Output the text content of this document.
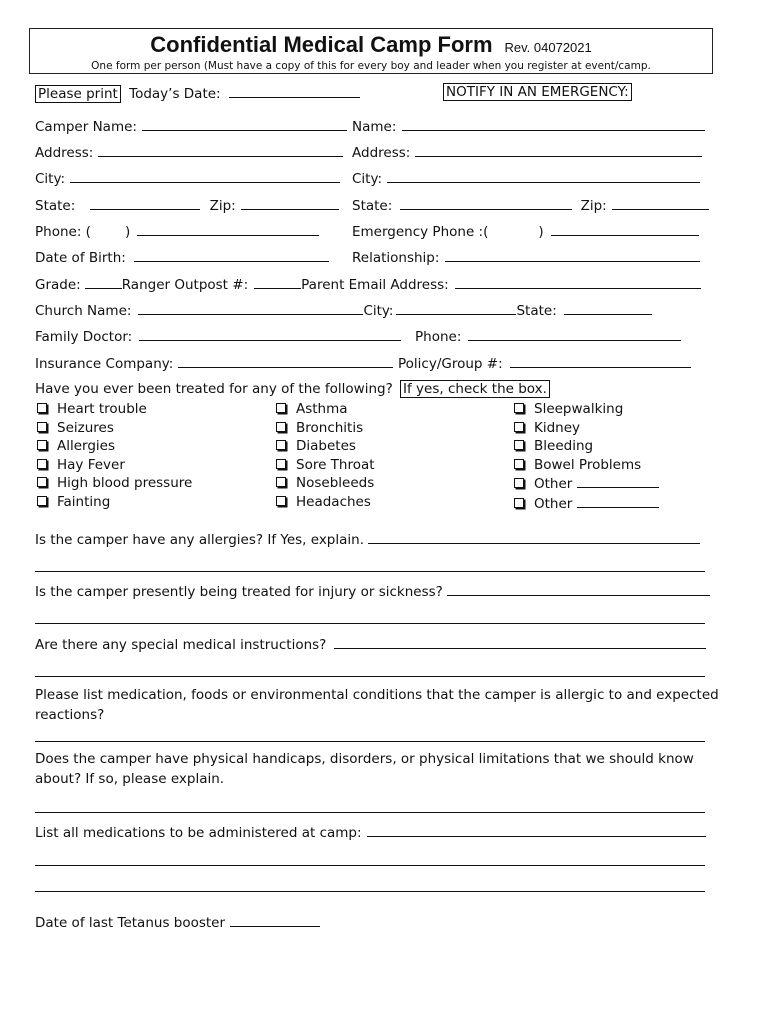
Confidential Medical Camp Form Rev. 04072021
One form per person (Must have a copy of this for every boy and leader when you register at event/camp.
Please print Today’s Date:	NOTIFY IN AN EMERGENCY:
Camper Name:
Address:
City:
State:	Zip:
Phone: (	)
Date of Birth:
Name:
Address:
City:
State:	Zip:
Emergency Phone :(	)
Relationship:
Grade:	Ranger Outpost #:	Parent Email Address:
Church Name:	City:	State:
Family Doctor:	Phone:
Insurance Company:	Policy/Group #:
Have you ever been treated for any of the following? If yes, check the box.
Heart trouble
Seizures
Allergies
Hay Fever
High blood pressure
Fainting
Asthma
Bronchitis
Diabetes
Sore Throat
Nosebleeds
Headaches
Sleepwalking
Kidney
Bleeding
Bowel Problems
Other
Other
Is the camper have any allergies? If Yes, explain.
Is the camper presently being treated for injury or sickness?
Are there any special medical instructions?
Please list medication, foods or environmental conditions that the camper is allergic to and expected
reactions?
Does the camper have physical handicaps, disorders, or physical limitations that we should know
about? If so, please explain.
List all medications to be administered at camp:
Date of last Tetanus booster
